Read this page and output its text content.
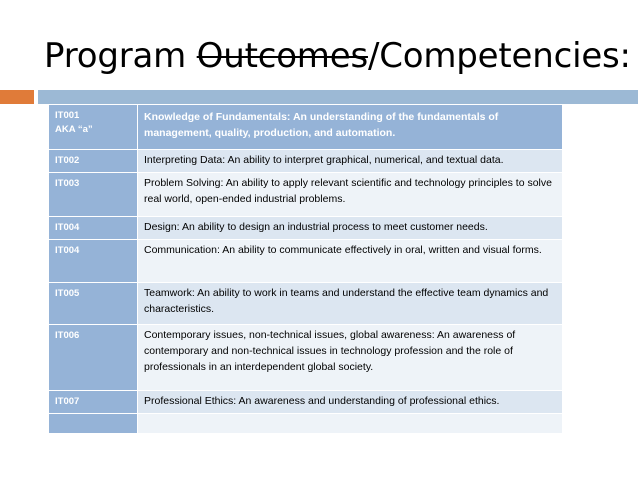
Program Outcomes/Competencies:
IT001
AKA “a”	Knowledge of Fundamentals: An understanding of the fundamentals of management, quality, production, and automation.

IT002	Interpreting Data: An ability to interpret graphical, numerical, and textual data.

IT003	Problem Solving: An ability to apply relevant scientific and technology principles to solve real world, open-ended industrial problems.

IT004	Design: An ability to design an industrial process to meet customer needs.

IT004	Communication: An ability to communicate effectively in oral, written and visual forms.

IT005	Teamwork: An ability to work in teams and understand the effective team dynamics and characteristics.

IT006	Contemporary issues, non-technical issues, global awareness: An awareness of contemporary and non-technical issues in technology profession and the role of professionals in an interdependent global society.

IT007	Professional Ethics: An awareness and understanding of professional ethics.
